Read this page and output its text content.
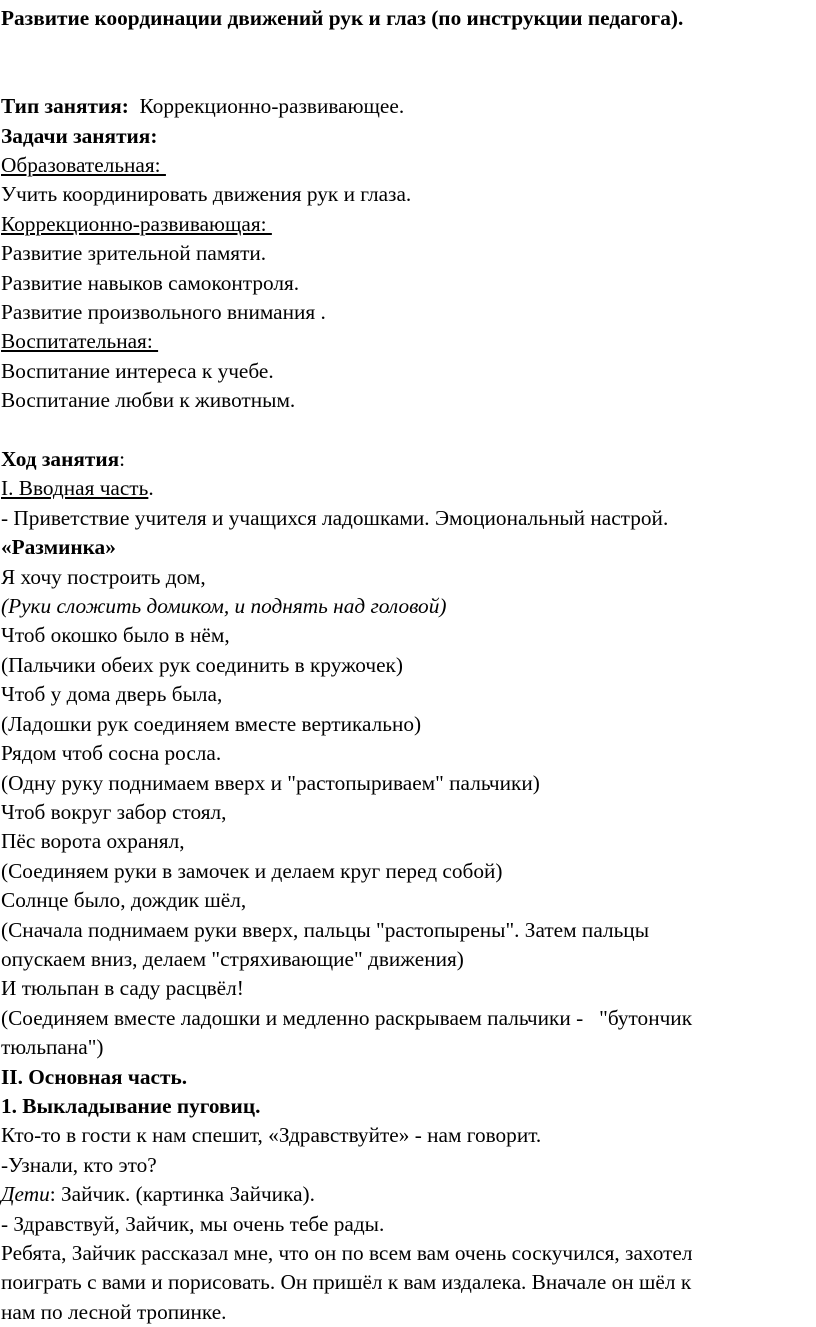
Развитие координации движений рук и глаз (по инструкции педагога).

Тип занятия: Коррекционно-развивающее.

Задачи занятия:

Образовательная:

Учить координировать движения рук и глаза.

Коррекционно-развивающая:

Развитие зрительной памяти.

Развитие навыков самоконтроля.

Развитие произвольного внимания .

Воспитательная:

Воспитание интереса к учебе.

Воспитание любви к животным.

Ход занятия:

I. Вводная часть.

- Приветствие учителя и учащихся ладошками. Эмоциональный настрой.

«Разминка»

Я хочу построить дом,

(Руки сложить домиком, и поднять над головой)

Чтоб окошко было в нём,

(Пальчики обеих рук соединить в кружочек)

Чтоб у дома дверь была,

(Ладошки рук соединяем вместе вертикально)

Рядом чтоб сосна росла.

(Одну руку поднимаем вверх и "растопыриваем" пальчики)

Чтоб вокруг забор стоял,

Пёс ворота охранял,

(Соединяем руки в замочек и делаем круг перед собой)

Солнце было, дождик шёл,

(Сначала поднимаем руки вверх, пальцы "растопырены". Затем пальцы

опускаем вниз, делаем "стряхивающие" движения)

И тюльпан в саду расцвёл!

(Соединяем вместе ладошки и медленно раскрываем пальчики -   "бутончик

тюльпана")

II. Основная часть.

1. Выкладывание пуговиц.

Кто-то в гости к нам спешит, «Здравствуйте» - нам говорит.

-Узнали, кто это?

Дети: Зайчик. (картинка Зайчика).

- Здравствуй, Зайчик, мы очень тебе рады.

Ребята, Зайчик рассказал мне, что он по всем вам очень соскучился, захотел

поиграть с вами и порисовать. Он пришёл к вам издалека. Вначале он шёл к

нам по лесной тропинке.
